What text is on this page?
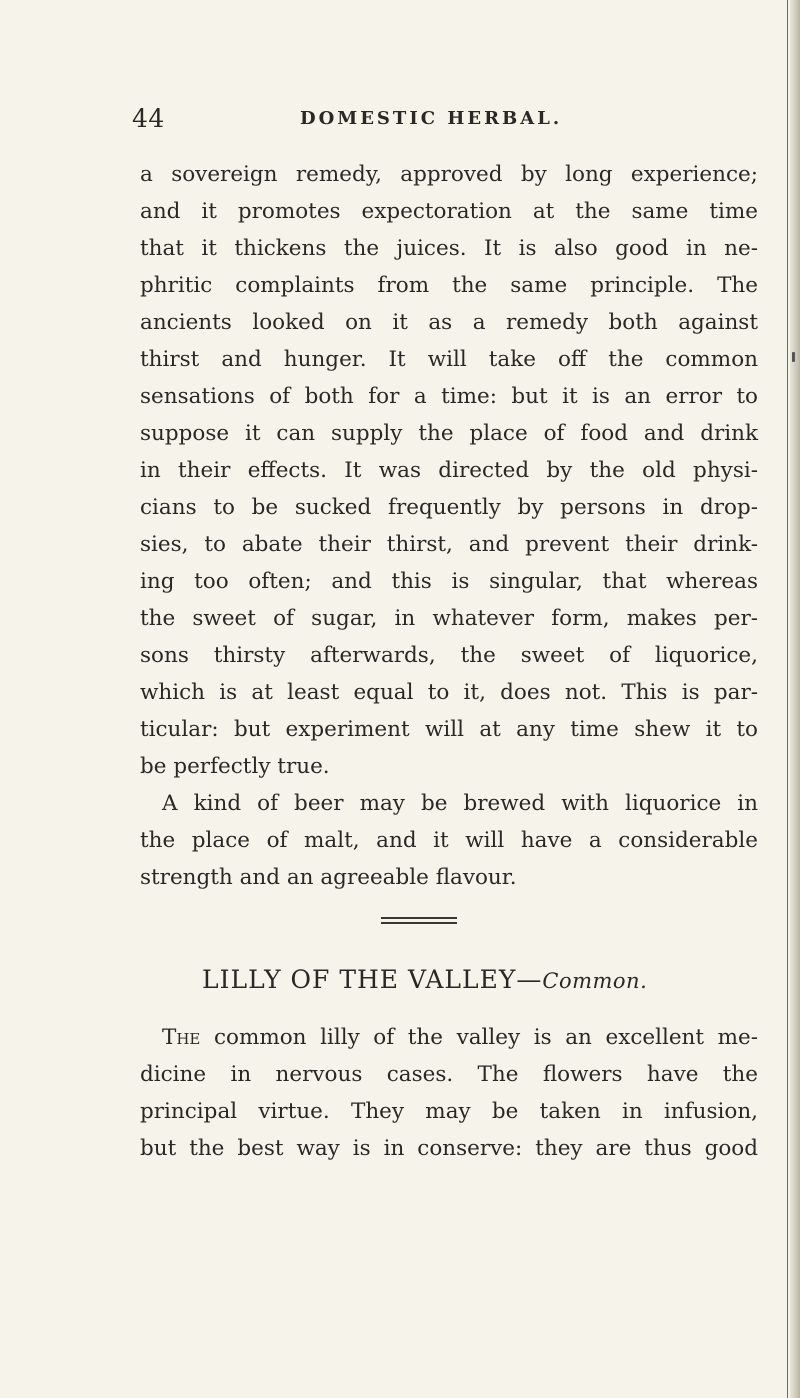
44	DOMESTIC HERBAL.
a sovereign remedy, approved by long experience;
and it promotes expectoration at the same time
that it thickens the juices. It is also good in ne-
phritic complaints from the same principle. The
ancients looked on it as a remedy both against
thirst and hunger. It will take off the common
sensations of both for a time: but it is an error to
suppose it can supply the place of food and drink
in their effects. It was directed by the old physi-
cians to be sucked frequently by persons in drop-
sies, to abate their thirst, and prevent their drink-
ing too often; and this is singular, that whereas
the sweet of sugar, in whatever form, makes per-
sons thirsty afterwards, the sweet of liquorice,
which is at least equal to it, does not. This is par-
ticular: but experiment will at any time shew it to
be perfectly true.
A kind of beer may be brewed with liquorice in
the place of malt, and it will have a considerable
strength and an agreeable flavour.
LILLY OF THE VALLEY—Common.
The common lilly of the valley is an excellent me-
dicine in nervous cases. The flowers have the
principal virtue. They may be taken in infusion,
but the best way is in conserve: they are thus good
